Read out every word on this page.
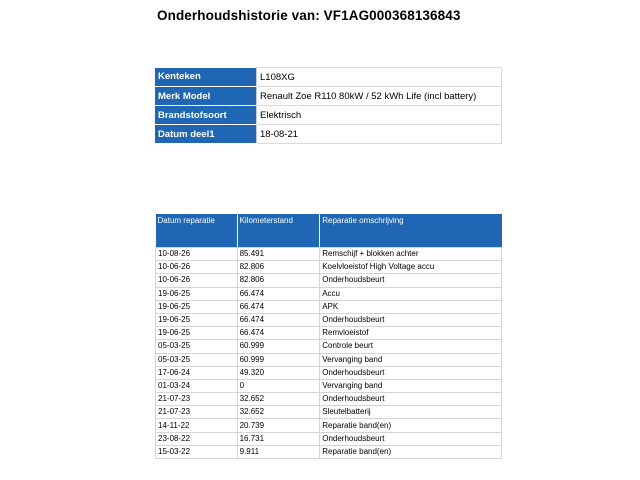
Onderhoudshistorie van: VF1AG000368136843
Kenteken	L108XG
Merk Model	Renault Zoe R110 80kW / 52 kWh Life (incl battery)
Brandstofsoort	Elektrisch
Datum deel1	18-08-21
Datum reparatie	Kilometerstand	Reparatie omschrijving
10-08-26	85.491	Remschijf + blokken achter
10-06-26	82.806	Koelvloeistof High Voltage accu
10-06-26	82.806	Onderhoudsbeurt
19-06-25	66.474	Accu
19-06-25	66.474	APK
19-06-25	66.474	Onderhoudsbeurt
19-06-25	66.474	Remvloeistof
05-03-25	60.999	Controle beurt
05-03-25	60.999	Vervanging band
17-06-24	49.320	Onderhoudsbeurt
01-03-24	0	Vervanging band
21-07-23	32.652	Onderhoudsbeurt
21-07-23	32.652	Sleutelbatterij
14-11-22	20.739	Reparatie band(en)
23-08-22	16.731	Onderhoudsbeurt
15-03-22	9.911	Reparatie band(en)
